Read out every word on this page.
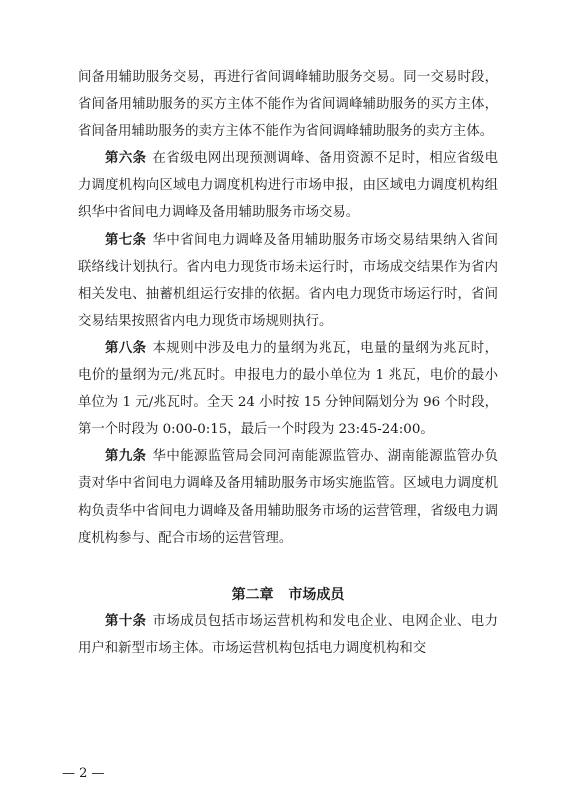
间备用辅助服务交易，再进行省间调峰辅助服务交易。同一交易时段，省间备用辅助服务的买方主体不能作为省间调峰辅助服务的买方主体，省间备用辅助服务的卖方主体不能作为省间调峰辅助服务的卖方主体。

第六条 在省级电网出现预测调峰、备用资源不足时，相应省级电力调度机构向区域电力调度机构进行市场申报，由区域电力调度机构组织华中省间电力调峰及备用辅助服务市场交易。

第七条 华中省间电力调峰及备用辅助服务市场交易结果纳入省间联络线计划执行。省内电力现货市场未运行时，市场成交结果作为省内相关发电、抽蓄机组运行安排的依据。省内电力现货市场运行时，省间交易结果按照省内电力现货市场规则执行。

第八条 本规则中涉及电力的量纲为兆瓦，电量的量纲为兆瓦时，电价的量纲为元/兆瓦时。申报电力的最小单位为 1 兆瓦，电价的最小单位为 1 元/兆瓦时。全天 24 小时按 15 分钟间隔划分为 96 个时段，第一个时段为 0:00-0:15，最后一个时段为 23:45-24:00。

第九条 华中能源监管局会同河南能源监管办、湖南能源监管办负责对华中省间电力调峰及备用辅助服务市场实施监管。区域电力调度机构负责华中省间电力调峰及备用辅助服务市场的运营管理，省级电力调度机构参与、配合市场的运营管理。

第二章 市场成员

第十条 市场成员包括市场运营机构和发电企业、电网企业、电力用户和新型市场主体。市场运营机构包括电力调度机构和交

— 2 —
